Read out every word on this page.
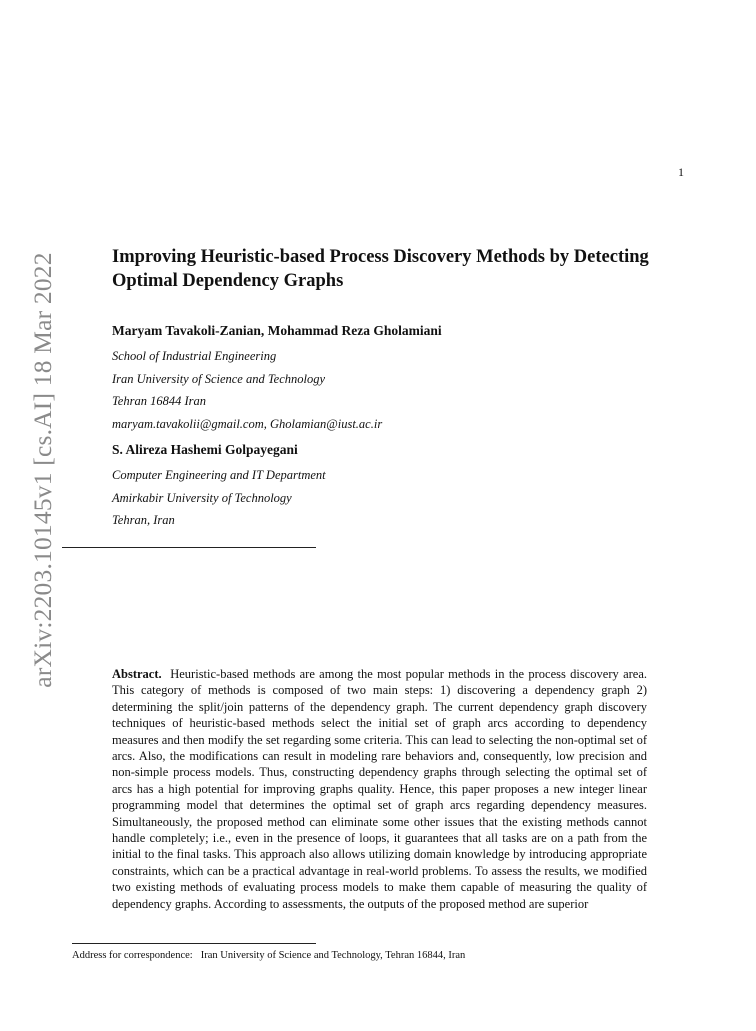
arXiv:2203.10145v1 [cs.AI] 18 Mar 2022
1
Improving Heuristic-based Process Discovery Methods by Detecting Optimal Dependency Graphs
Maryam Tavakoli-Zanian, Mohammad Reza Gholamiani
School of Industrial Engineering
Iran University of Science and Technology
Tehran 16844 Iran
maryam.tavakolii@gmail.com, Gholamian@iust.ac.ir
S. Alireza Hashemi Golpayegani
Computer Engineering and IT Department
Amirkabir University of Technology
Tehran, Iran

Abstract. Heuristic-based methods are among the most popular methods in the process discovery area. This category of methods is composed of two main steps: 1) discovering a dependency graph 2) determining the split/join patterns of the dependency graph. The current dependency graph discovery techniques of heuristic-based methods select the initial set of graph arcs according to dependency measures and then modify the set regarding some criteria. This can lead to selecting the non-optimal set of arcs. Also, the modifications can result in modeling rare behaviors and, consequently, low precision and non-simple process models. Thus, constructing dependency graphs through selecting the optimal set of arcs has a high potential for improving graphs quality. Hence, this paper proposes a new integer linear programming model that determines the optimal set of graph arcs regarding dependency measures. Simultaneously, the proposed method can eliminate some other issues that the existing methods cannot handle completely; i.e., even in the presence of loops, it guarantees that all tasks are on a path from the initial to the final tasks. This approach also allows utilizing domain knowledge by introducing appropriate constraints, which can be a practical advantage in real-world problems. To assess the results, we modified two existing methods of evaluating process models to make them capable of measuring the quality of dependency graphs. According to assessments, the outputs of the proposed method are superior

Address for correspondence: Iran University of Science and Technology, Tehran 16844, Iran
